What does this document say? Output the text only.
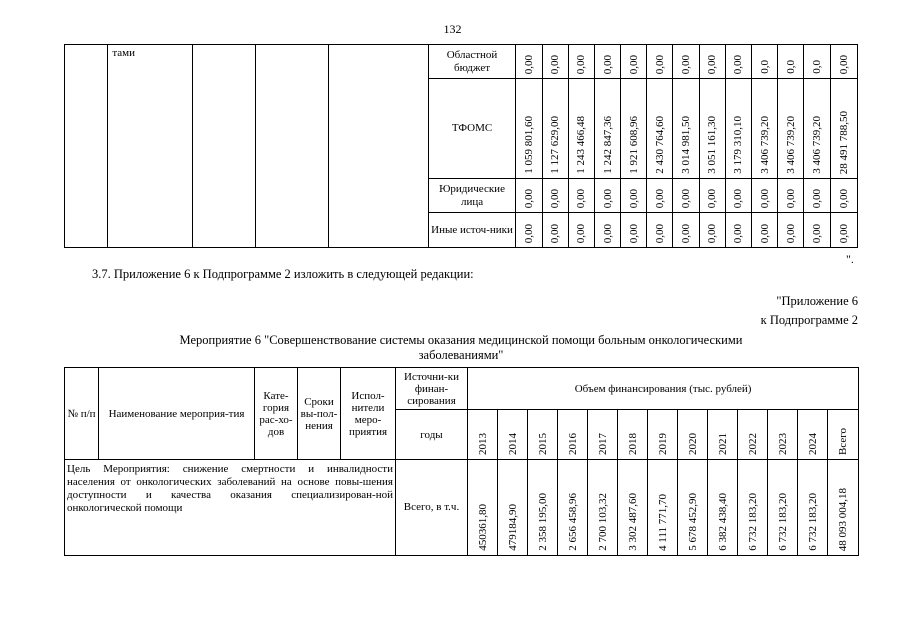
132
	тами				Областной бюджет	0,00	0,00	0,00	0,00	0,00	0,00	0,00	0,00	0,00	0,0	0,0	0,0	0,00

					ТФОМС	1 059 801,60	1 127 629,00	1 243 466,48	1 242 847,36	1 921 608,96	2 430 764,60	3 014 981,50	3 051 161,30	3 179 310,10	3 406 739,20	3 406 739,20	3 406 739,20	28 491 788,50

					Юридические лица	0,00	0,00	0,00	0,00	0,00	0,00	0,00	0,00	0,00	0,00	0,00	0,00	0,00

					Иные источ-ники	0,00	0,00	0,00	0,00	0,00	0,00	0,00	0,00	0,00	0,00	0,00	0,00	0,00
".
3.7. Приложение 6 к Подпрограмме 2 изложить в следующей редакции:
"Приложение 6
к Подпрограмме 2
Мероприятие 6 "Совершенствование системы оказания медицинской помощи больным онкологическими
заболеваниями"
№ п/п	Наименование мероприя-тия	Кате-гория рас-хо-дов	Сроки вы-пол-нения	Испол-нители меро-приятия	Источни-ки финан-сирования	Объем финансирования (тыс. рублей)												
					годы	2013	2014	2015	2016	2017	2018	2019	2020	2021	2022	2023	2024	Всего

Цель Мероприятия: снижение смертности и инвалидности населения от онкологических заболеваний на основе повы-шения доступности и качества оказания специализирован-ной онкологической помощи					Всего, в т.ч.	450361,80	479184,90	2 358 195,00	2 656 458,96	2 700 103,32	3 302 487,60	4 111 771,70	5 678 452,90	6 382 438,40	6 732 183,20	6 732 183,20	6 732 183,20	48 093 004,18
